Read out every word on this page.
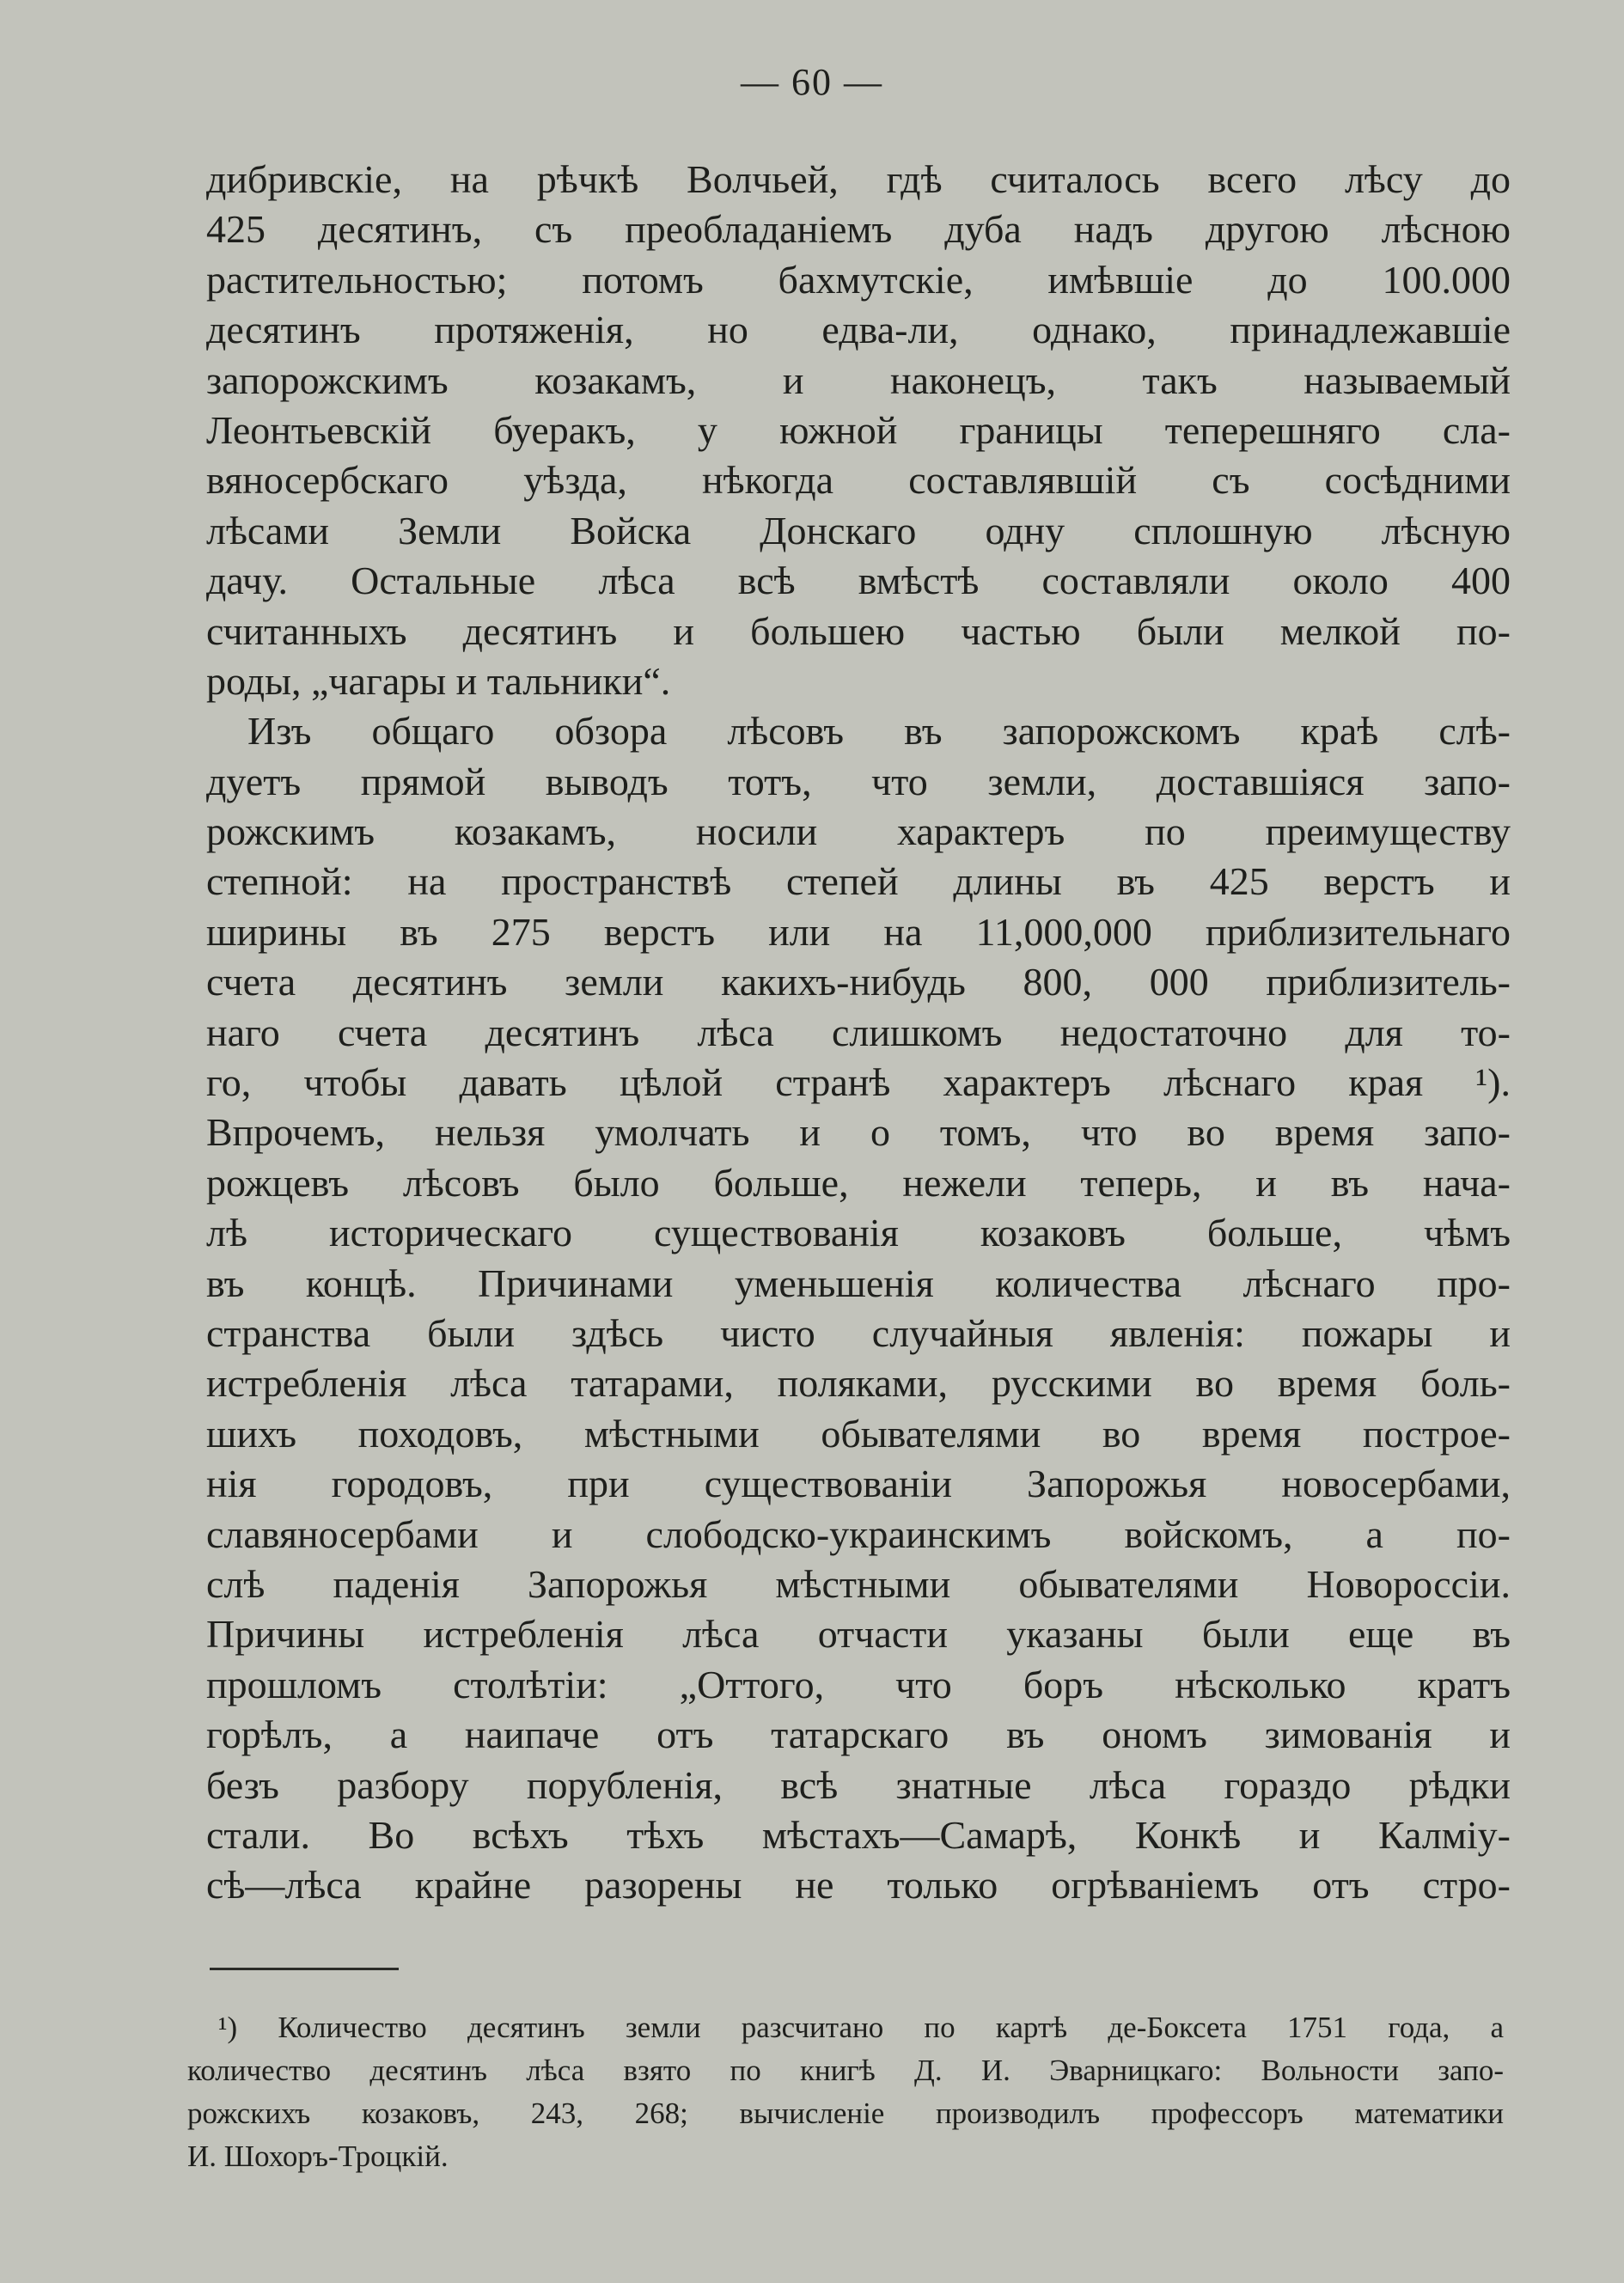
— 60 —
дибривскіе, на рѣчкѣ Волчьей, гдѣ считалось всего лѣсу до
425 десятинъ, съ преобладаніемъ дуба надъ другою лѣсною
растительностью; потомъ бахмутскіе, имѣвшіе до 100.000
десятинъ протяженія, но едва-ли, однако, принадлежавшіе
запорожскимъ козакамъ, и наконецъ, такъ называемый
Леонтьевскій буеракъ, у южной границы теперешняго сла-
вяносербскаго уѣзда, нѣкогда составлявшій съ сосѣдними
лѣсами Земли Войска Донскаго одну сплошную лѣсную
дачу. Остальные лѣса всѣ вмѣстѣ составляли около 400
считанныхъ десятинъ и большею частью были мелкой по-
роды, „чагары и тальники“.
Изъ общаго обзора лѣсовъ въ запорожскомъ краѣ слѣ-
дуетъ прямой выводъ тотъ, что земли, доставшіяся запо-
рожскимъ козакамъ, носили характеръ по преимуществу
степной: на пространствѣ степей длины въ 425 верстъ и
ширины въ 275 верстъ или на 11,000,000 приблизительнаго
счета десятинъ земли какихъ-нибудь 800, 000 приблизитель-
наго счета десятинъ лѣса слишкомъ недостаточно для то-
го, чтобы давать цѣлой странѣ характеръ лѣснаго края ¹).
Впрочемъ, нельзя умолчать и о томъ, что во время запо-
рожцевъ лѣсовъ было больше, нежели теперь, и въ нача-
лѣ историческаго существованія козаковъ больше, чѣмъ
въ концѣ. Причинами уменьшенія количества лѣснаго про-
странства были здѣсь чисто случайныя явленія: пожары и
истребленія лѣса татарами, поляками, русскими во время боль-
шихъ походовъ, мѣстными обывателями во время построе-
нія городовъ, при существованіи Запорожья новосербами,
славяносербами и слободско-украинскимъ войскомъ, а по-
слѣ паденія Запорожья мѣстными обывателями Новороссіи.
Причины истребленія лѣса отчасти указаны были еще въ
прошломъ столѣтіи: „Оттого, что боръ нѣсколько кратъ
горѣлъ, а наипаче отъ татарскаго въ ономъ зимованія и
безъ разбору порубленія, всѣ знатные лѣса гораздо рѣдки
стали. Во всѣхъ тѣхъ мѣстахъ—Самарѣ, Конкѣ и Калміу-
сѣ—лѣса крайне разорены не только огрѣваніемъ отъ стро-
¹) Количество десятинъ земли разсчитано по картѣ де-Боксета 1751 года, а
количество десятинъ лѣса взято по книгѣ Д. И. Эварницкаго: Вольности запо-
рожскихъ козаковъ, 243, 268; вычисленіе производилъ профессоръ математики
И. Шохоръ-Троцкій.
